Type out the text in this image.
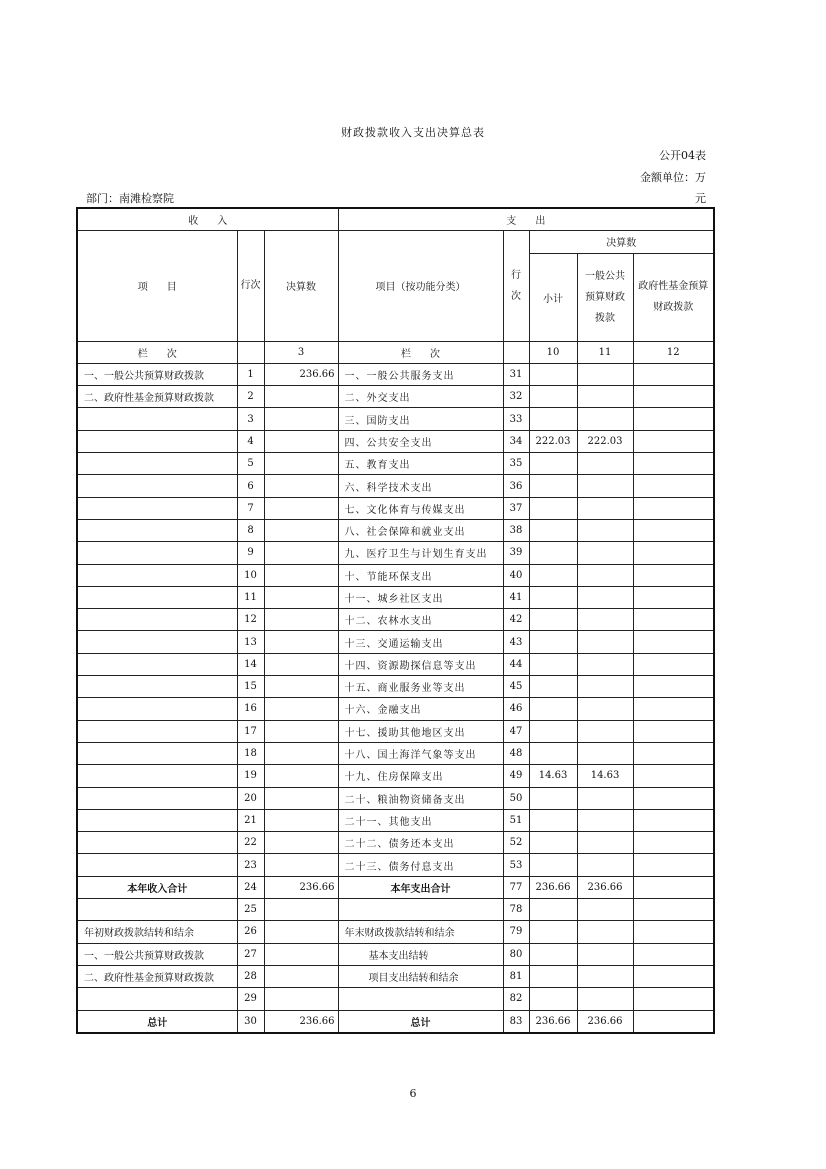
财政拨款收入支出决算总表
公开04表
金额单位：万
部门：南滩检察院	元
收      入			支      出				
项      目	行次	决算数	项目（按功能分类）	行次	决算数		
					小计	一般公共预算财政拨款	政府性基金预算财政拨款
栏      次		3	栏      次		10	11	12
一、一般公共预算财政拨款	1	236.66	一、一般公共服务支出	31			
二、政府性基金预算财政拨款	2		二、外交支出	32			
	3		三、国防支出	33			
	4		四、公共安全支出	34	222.03	222.03	
	5		五、教育支出	35			
	6		六、科学技术支出	36			
	7		七、文化体育与传媒支出	37			
	8		八、社会保障和就业支出	38			
	9		九、医疗卫生与计划生育支出	39			
	10		十、节能环保支出	40			
	11		十一、城乡社区支出	41			
	12		十二、农林水支出	42			
	13		十三、交通运输支出	43			
	14		十四、资源勘探信息等支出	44			
	15		十五、商业服务业等支出	45			
	16		十六、金融支出	46			
	17		十七、援助其他地区支出	47			
	18		十八、国土海洋气象等支出	48			
	19		十九、住房保障支出	49	14.63	14.63	
	20		二十、粮油物资储备支出	50			
	21		二十一、其他支出	51			
	22		二十二、债务还本支出	52			
	23		二十三、债务付息支出	53			
本年收入合计	24	236.66	本年支出合计	77	236.66	236.66	
	25			78			
年初财政拨款结转和结余	26		年末财政拨款结转和结余	79			
一、一般公共预算财政拨款	27		基本支出结转	80			
二、政府性基金预算财政拨款	28		项目支出结转和结余	81			
	29			82			
总计	30	236.66	总计	83	236.66	236.66	
6
